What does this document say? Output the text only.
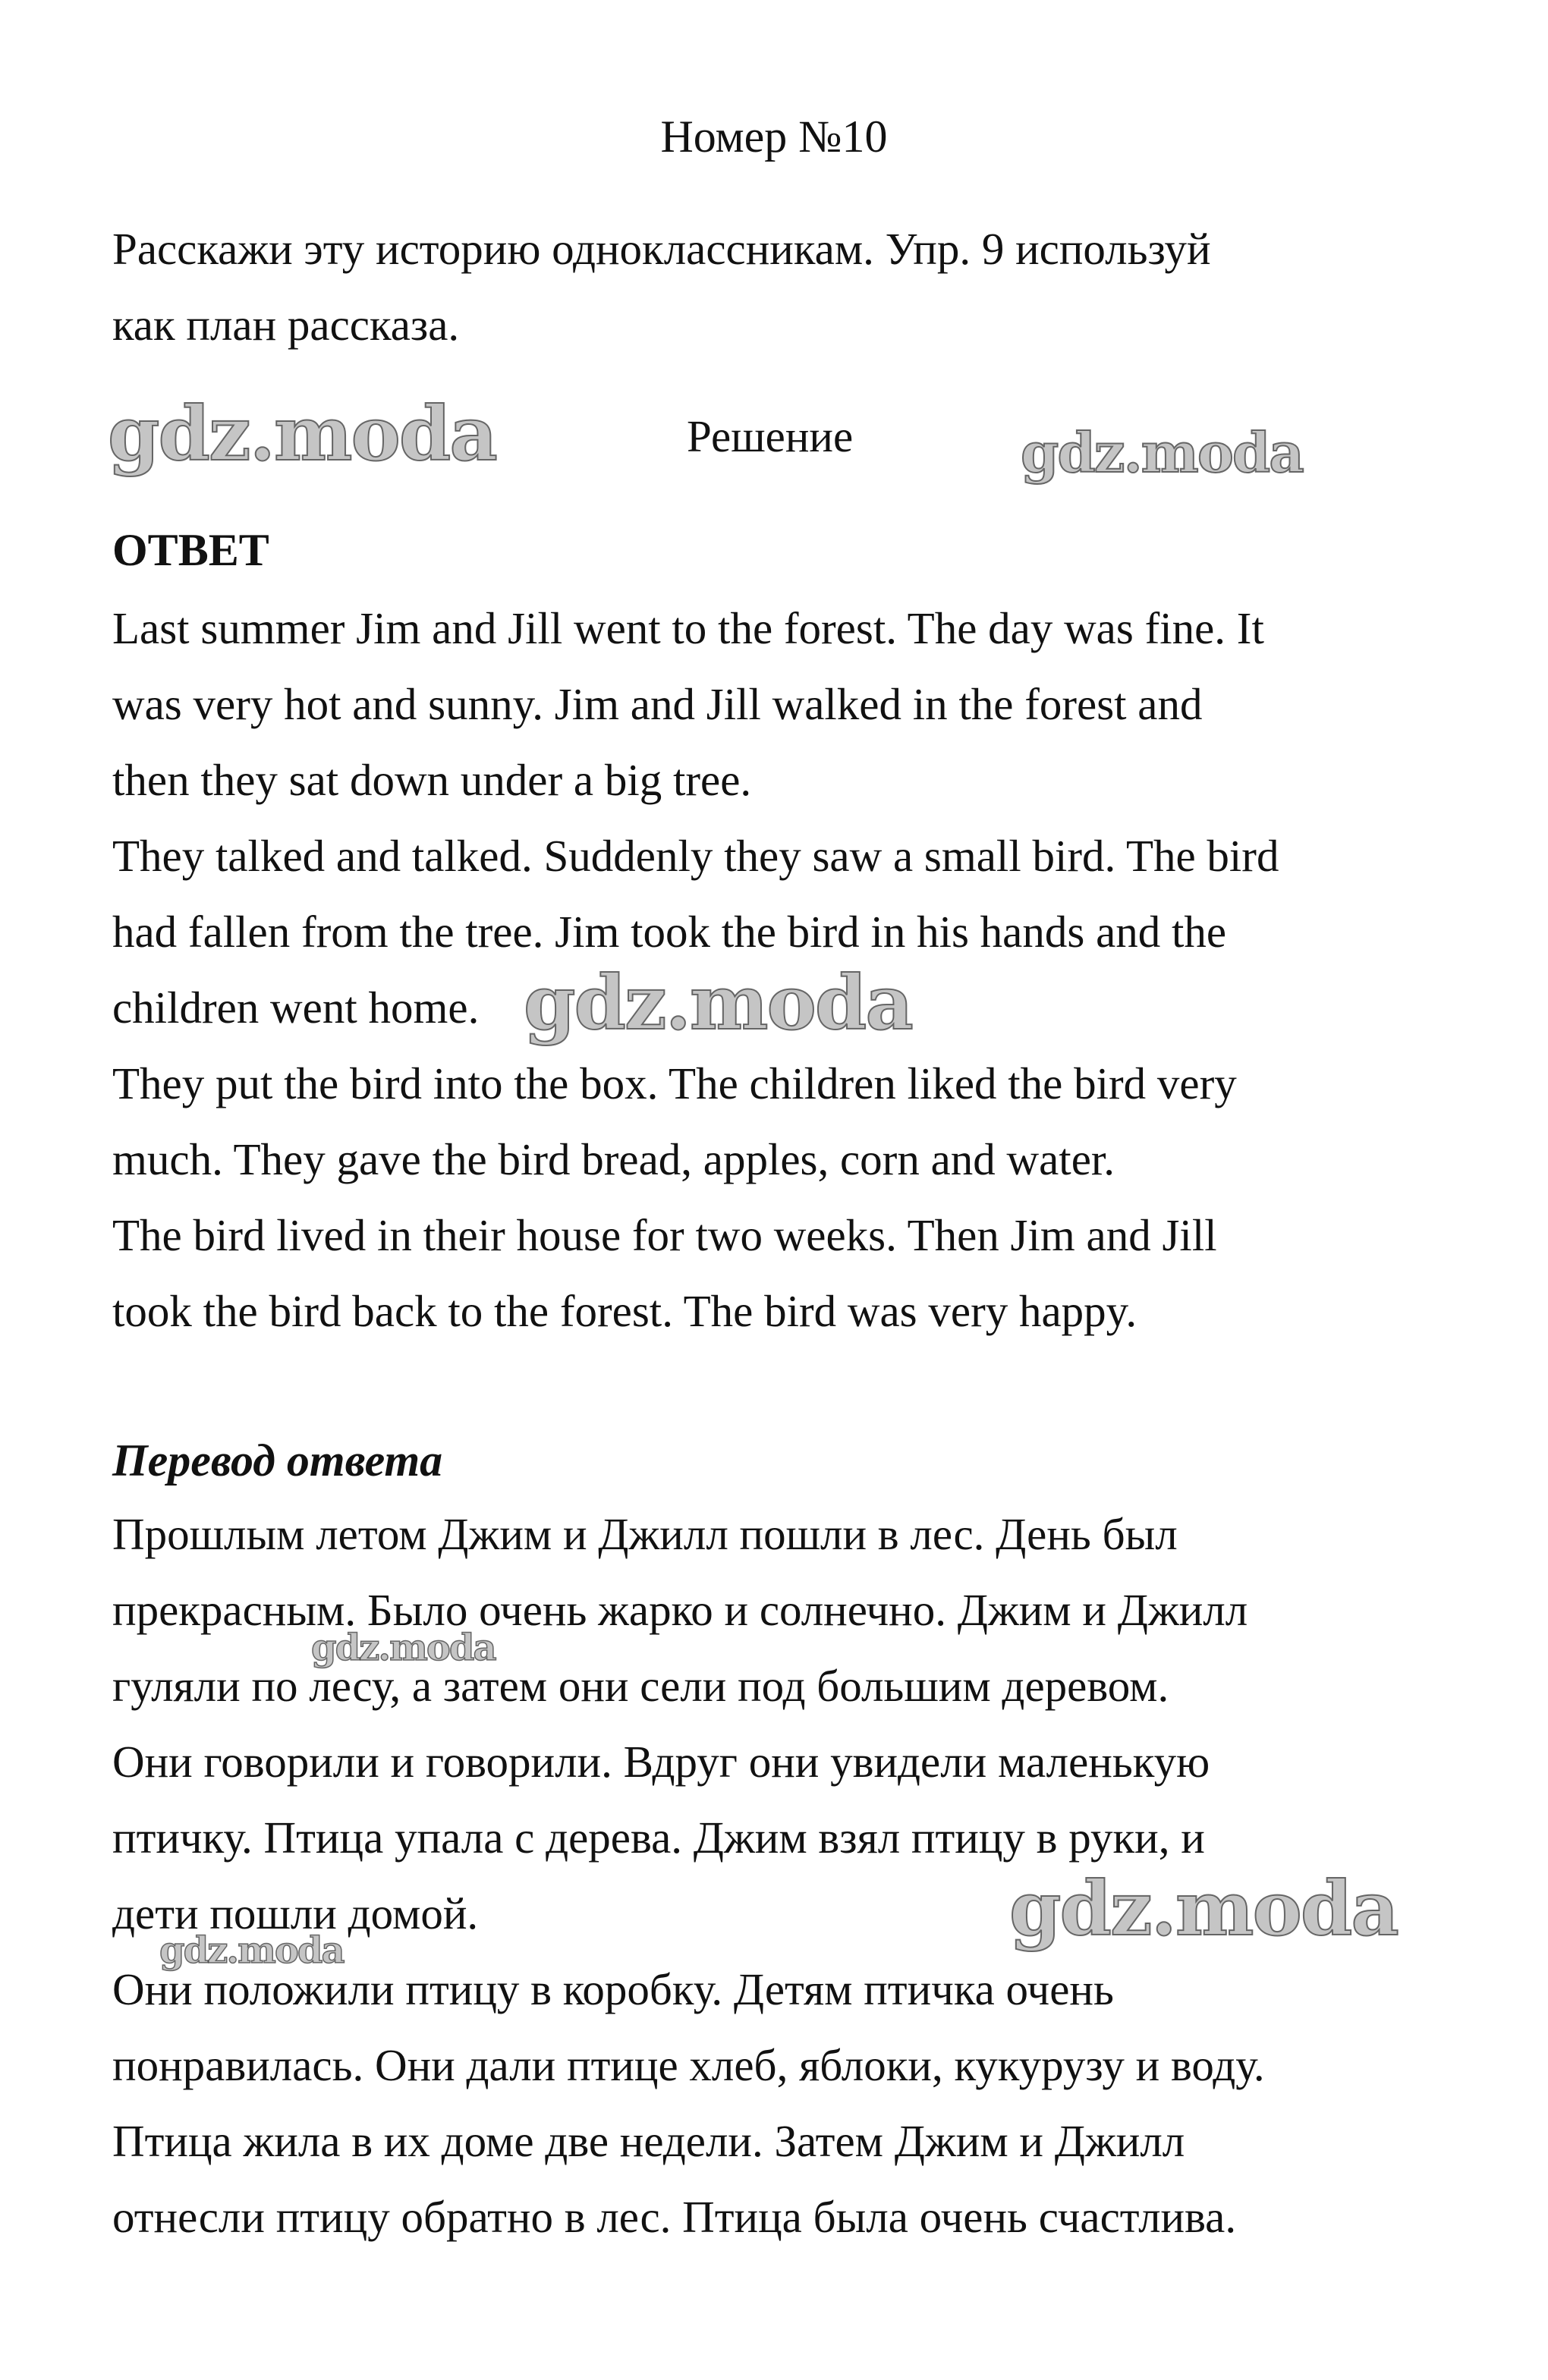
Номер №10
Расскажи эту историю одноклассникам. Упр. 9 используй
как план рассказа.
Решение
ОТВЕТ
Last summer Jim and Jill went to the forest. The day was fine. It
was very hot and sunny. Jim and Jill walked in the forest and
then they sat down under a big tree.
They talked and talked. Suddenly they saw a small bird. The bird
had fallen from the tree. Jim took the bird in his hands and the
children went home.
They put the bird into the box. The children liked the bird very
much. They gave the bird bread, apples, corn and water.
The bird lived in their house for two weeks. Then Jim and Jill
took the bird back to the forest. The bird was very happy.
Перевод ответа
Прошлым летом Джим и Джилл пошли в лес. День был
прекрасным. Было очень жарко и солнечно. Джим и Джилл
гуляли по лесу, а затем они сели под большим деревом.
Они говорили и говорили. Вдруг они увидели маленькую
птичку. Птица упала с дерева. Джим взял птицу в руки, и
дети пошли домой.
Они положили птицу в коробку. Детям птичка очень
понравилась. Они дали птице хлеб, яблоки, кукурузу и воду.
Птица жила в их доме две недели. Затем Джим и Джилл
отнесли птицу обратно в лес. Птица была очень счастлива.
gdz.moda	gdz.moda
gdz.moda
gdz.moda
gdz.moda
gdz.moda
